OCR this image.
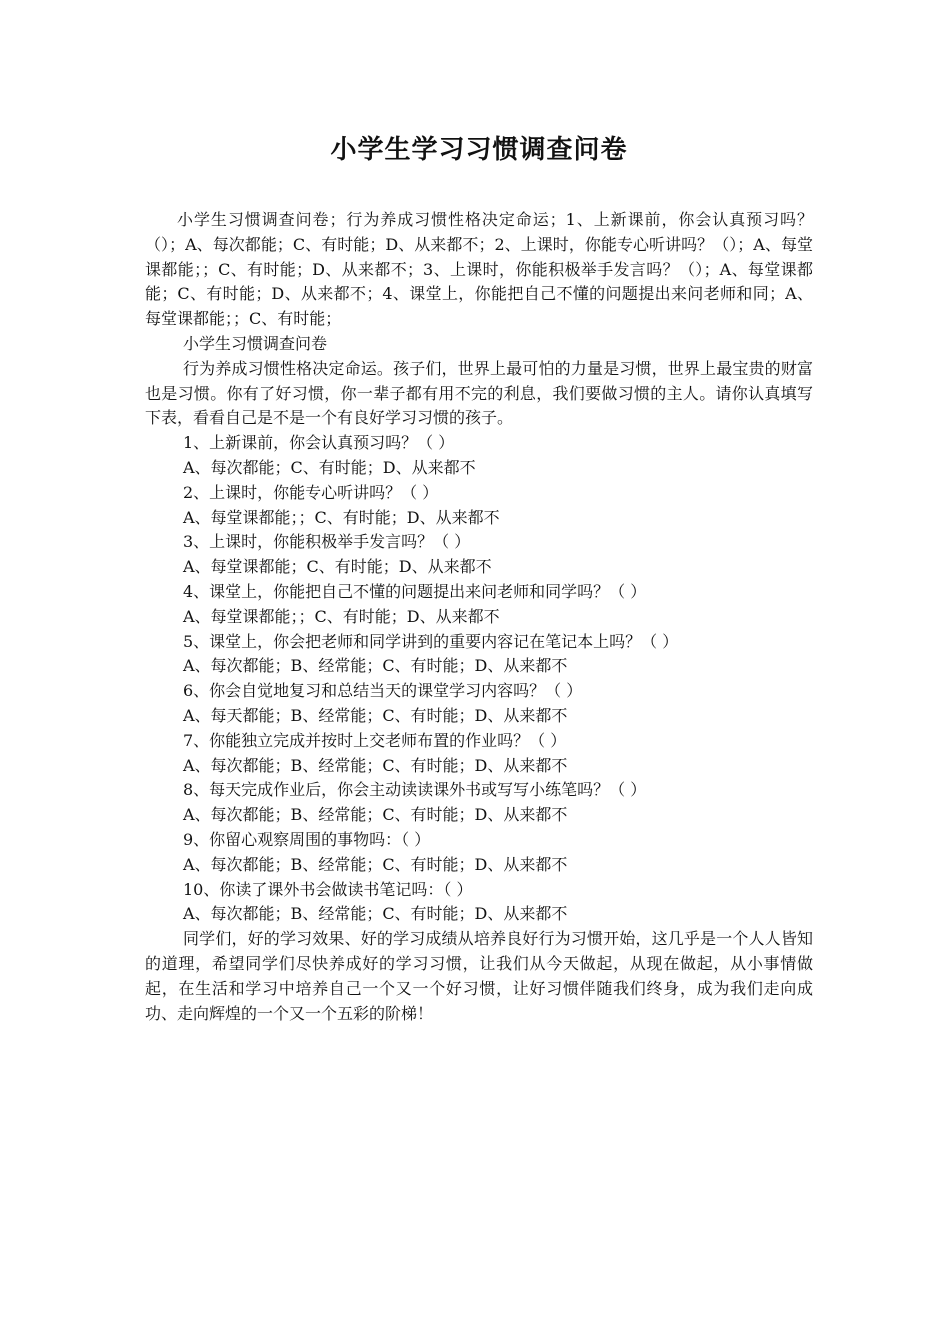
小学生学习习惯调查问卷

小学生习惯调查问卷；行为养成习惯性格决定命运；1、上新课前，你会认真预习吗？（）；A、每次都能；C、有时能；D、从来都不；2、上课时，你能专心听讲吗？（）；A、每堂课都能；；C、有时能；D、从来都不；3、上课时，你能积极举手发言吗？（）；A、每堂课都能；C、有时能；D、从来都不；4、课堂上，你能把自己不懂的问题提出来问老师和同；A、每堂课都能；；C、有时能；

小学生习惯调查问卷

行为养成习惯性格决定命运。孩子们，世界上最可怕的力量是习惯，世界上最宝贵的财富也是习惯。你有了好习惯，你一辈子都有用不完的利息，我们要做习惯的主人。请你认真填写下表，看看自己是不是一个有良好学习习惯的孩子。

1、上新课前，你会认真预习吗？（ ）

A、每次都能；C、有时能；D、从来都不

2、上课时，你能专心听讲吗？（ ）

A、每堂课都能；；C、有时能；D、从来都不

3、上课时，你能积极举手发言吗？（ ）

A、每堂课都能；C、有时能；D、从来都不

4、课堂上，你能把自己不懂的问题提出来问老师和同学吗？（ ）

A、每堂课都能；；C、有时能；D、从来都不

5、课堂上，你会把老师和同学讲到的重要内容记在笔记本上吗？（ ）

A、每次都能；B、经常能；C、有时能；D、从来都不

6、你会自觉地复习和总结当天的课堂学习内容吗？（ ）

A、每天都能；B、经常能；C、有时能；D、从来都不

7、你能独立完成并按时上交老师布置的作业吗？（ ）

A、每次都能；B、经常能；C、有时能；D、从来都不

8、每天完成作业后，你会主动读读课外书或写写小练笔吗？（ ）

A、每次都能；B、经常能；C、有时能；D、从来都不

9、你留心观察周围的事物吗：（ ）

A、每次都能；B、经常能；C、有时能；D、从来都不

10、你读了课外书会做读书笔记吗：（ ）

A、每次都能；B、经常能；C、有时能；D、从来都不

同学们，好的学习效果、好的学习成绩从培养良好行为习惯开始，这几乎是一个人人皆知的道理，希望同学们尽快养成好的学习习惯，让我们从今天做起，从现在做起，从小事情做起，在生活和学习中培养自己一个又一个好习惯，让好习惯伴随我们终身，成为我们走向成功、走向辉煌的一个又一个五彩的阶梯！
